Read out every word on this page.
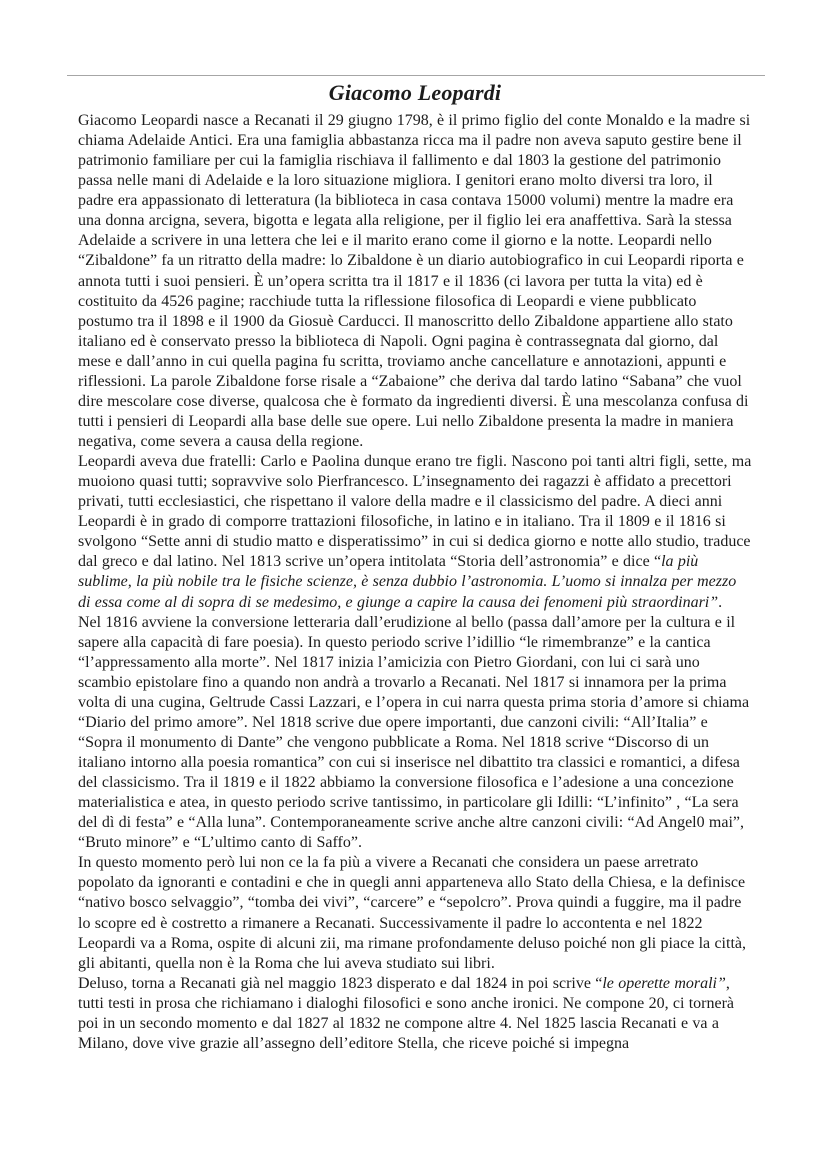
Giacomo Leopardi

Giacomo Leopardi nasce a Recanati il 29 giugno 1798, è il primo figlio del conte Monaldo e la madre si chiama Adelaide Antici. Era una famiglia abbastanza ricca ma il padre non aveva saputo gestire bene il patrimonio familiare per cui la famiglia rischiava il fallimento e dal 1803 la gestione del patrimonio passa nelle mani di Adelaide e la loro situazione migliora. I genitori erano molto diversi tra loro, il padre era appassionato di letteratura (la biblioteca in casa contava 15000 volumi) mentre la madre era una donna arcigna, severa, bigotta e legata alla religione, per il figlio lei era anaffettiva. Sarà la stessa Adelaide a scrivere in una lettera che lei e il marito erano come il giorno e la notte. Leopardi nello “Zibaldone” fa un ritratto della madre: lo Zibaldone è un diario autobiografico in cui Leopardi riporta e annota tutti i suoi pensieri. È un’opera scritta tra il 1817 e il 1836 (ci lavora per tutta la vita) ed è costituito da 4526 pagine; racchiude tutta la riflessione filosofica di Leopardi e viene pubblicato postumo tra il 1898 e il 1900 da Giosuè Carducci. Il manoscritto dello Zibaldone appartiene allo stato italiano ed è conservato presso la biblioteca di Napoli. Ogni pagina è contrassegnata dal giorno, dal mese e dall’anno in cui quella pagina fu scritta, troviamo anche cancellature e annotazioni, appunti e riflessioni. La parole Zibaldone forse risale a “Zabaione” che deriva dal tardo latino “Sabana” che vuol dire mescolare cose diverse, qualcosa che è formato da ingredienti diversi. È una mescolanza confusa di tutti i pensieri di Leopardi alla base delle sue opere. Lui nello Zibaldone presenta la madre in maniera negativa, come severa a causa della regione.

Leopardi aveva due fratelli: Carlo e Paolina dunque erano tre figli. Nascono poi tanti altri figli, sette, ma muoiono quasi tutti; sopravvive solo Pierfrancesco. L’insegnamento dei ragazzi è affidato a precettori privati, tutti ecclesiastici, che rispettano il valore della madre e il classicismo del padre. A dieci anni Leopardi è in grado di comporre trattazioni filosofiche, in latino e in italiano. Tra il 1809 e il 1816 si svolgono “Sette anni di studio matto e disperatissimo” in cui si dedica giorno e notte allo studio, traduce dal greco e dal latino. Nel 1813 scrive un’opera intitolata “Storia dell’astronomia” e dice “la più sublime, la più nobile tra le fisiche scienze, è senza dubbio l’astronomia. L’uomo si innalza per mezzo di essa come al di sopra di se medesimo, e giunge a capire la causa dei fenomeni più straordinari”.

Nel 1816 avviene la conversione letteraria dall’erudizione al bello (passa dall’amore per la cultura e il sapere alla capacità di fare poesia). In questo periodo scrive l’idillio “le rimembranze” e la cantica “l’appressamento alla morte”. Nel 1817 inizia l’amicizia con Pietro Giordani, con lui ci sarà uno scambio epistolare fino a quando non andrà a trovarlo a Recanati. Nel 1817 si innamora per la prima volta di una cugina, Geltrude Cassi Lazzari, e l’opera in cui narra questa prima storia d’amore si chiama “Diario del primo amore”. Nel 1818 scrive due opere importanti, due canzoni civili: “All’Italia” e “Sopra il monumento di Dante” che vengono pubblicate a Roma. Nel 1818 scrive “Discorso di un italiano intorno alla poesia romantica” con cui si inserisce nel dibattito tra classici e romantici, a difesa del classicismo. Tra il 1819 e il 1822 abbiamo la conversione filosofica e l’adesione a una concezione materialistica e atea, in questo periodo scrive tantissimo, in particolare gli Idilli: “L’infinito” , “La sera del dì di festa” e “Alla luna”. Contemporaneamente scrive anche altre canzoni civili: “Ad Angel0 mai”, “Bruto minore” e “L’ultimo canto di Saffo”.

In questo momento però lui non ce la fa più a vivere a Recanati che considera un paese arretrato popolato da ignoranti e contadini e che in quegli anni apparteneva allo Stato della Chiesa, e la definisce “nativo bosco selvaggio”, “tomba dei vivi”, “carcere” e “sepolcro”. Prova quindi a fuggire, ma il padre lo scopre ed è costretto a rimanere a Recanati. Successivamente il padre lo accontenta e nel 1822 Leopardi va a Roma, ospite di alcuni zii, ma rimane profondamente deluso poiché non gli piace la città, gli abitanti, quella non è la Roma che lui aveva studiato sui libri.

Deluso, torna a Recanati già nel maggio 1823 disperato e dal 1824 in poi scrive “le operette morali”, tutti testi in prosa che richiamano i dialoghi filosofici e sono anche ironici. Ne compone 20, ci tornerà poi in un secondo momento e dal 1827 al 1832 ne compone altre 4. Nel 1825 lascia Recanati e va a Milano, dove vive grazie all’assegno dell’editore Stella, che riceve poiché si impegna
